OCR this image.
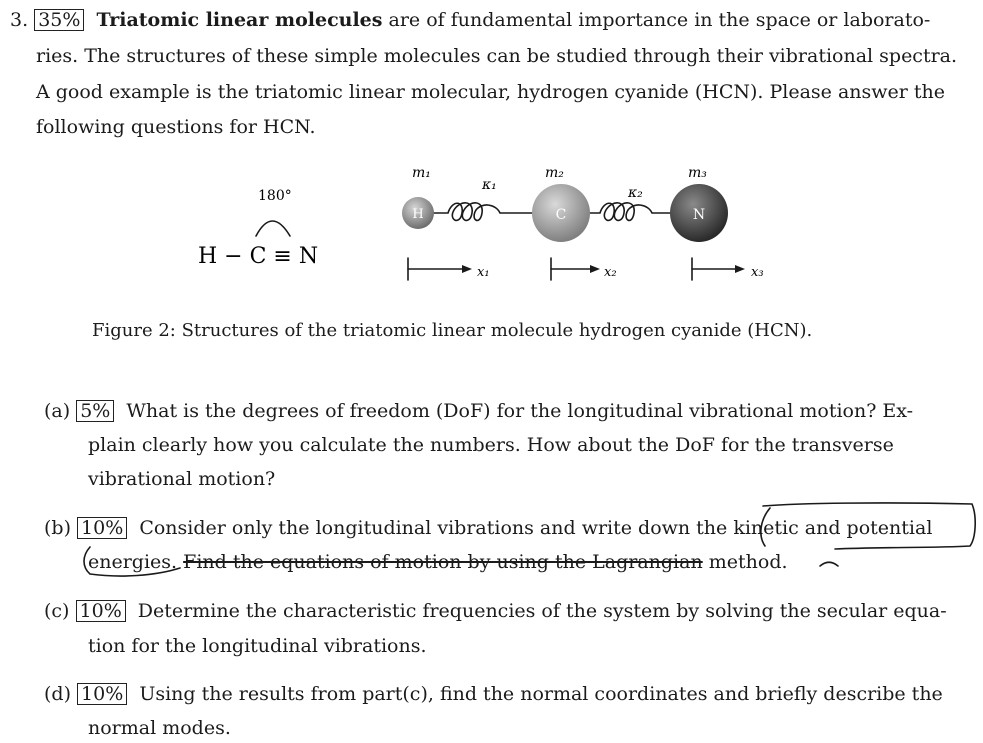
3. 35% Triatomic linear molecules are of fundamental importance in the space or laborato-
ries. The structures of these simple molecules can be studied through their vibrational spectra.
A good example is the triatomic linear molecular, hydrogen cyanide (HCN). Please answer the
following questions for HCN.
180°
H − C ≡ N
H	C	N
m₁	m₂	m₃
κ₁	κ₂
x₁	x₂	x₃
Figure 2: Structures of the triatomic linear molecule hydrogen cyanide (HCN).
(a) 5% What is the degrees of freedom (DoF) for the longitudinal vibrational motion? Ex-
plain clearly how you calculate the numbers. How about the DoF for the transverse
vibrational motion?
(b) 10% Consider only the longitudinal vibrations and write down the kinetic and potential
energies. Find the equations of motion by using the Lagrangian method.
(c) 10% Determine the characteristic frequencies of the system by solving the secular equa-
tion for the longitudinal vibrations.
(d) 10% Using the results from part(c), find the normal coordinates and briefly describe the
normal modes.
